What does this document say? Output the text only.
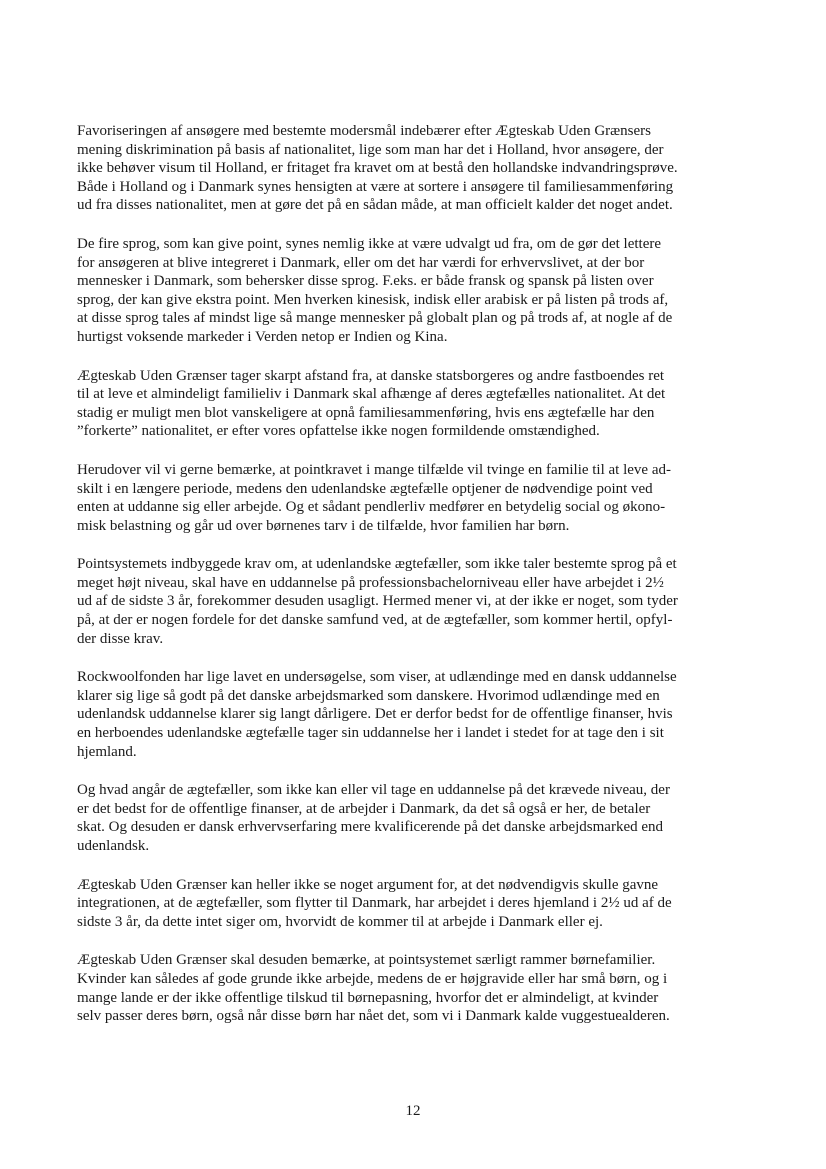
Favoriseringen af ansøgere med bestemte modersmål indebærer efter Ægteskab Uden Grænsers
mening diskrimination på basis af nationalitet, lige som man har det i Holland, hvor ansøgere, der
ikke behøver visum til Holland, er fritaget fra kravet om at bestå den hollandske indvandringsprøve.
Både i Holland og i Danmark synes hensigten at være at sortere i ansøgere til familiesammenføring
ud fra disses nationalitet, men at gøre det på en sådan måde, at man officielt kalder det noget andet.

De fire sprog, som kan give point, synes nemlig ikke at være udvalgt ud fra, om de gør det lettere
for ansøgeren at blive integreret i Danmark, eller om det har værdi for erhvervslivet, at der bor
mennesker i Danmark, som behersker disse sprog. F.eks. er både fransk og spansk på listen over
sprog, der kan give ekstra point. Men hverken kinesisk, indisk eller arabisk er på listen på trods af,
at disse sprog tales af mindst lige så mange mennesker på globalt plan og på trods af, at nogle af de
hurtigst voksende markeder i Verden netop er Indien og Kina.

Ægteskab Uden Grænser tager skarpt afstand fra, at danske statsborgeres og andre fastboendes ret
til at leve et almindeligt familieliv i Danmark skal afhænge af deres ægtefælles nationalitet. At det
stadig er muligt men blot vanskeligere at opnå familiesammenføring, hvis ens ægtefælle har den
”forkerte” nationalitet, er efter vores opfattelse ikke nogen formildende omstændighed.

Herudover vil vi gerne bemærke, at pointkravet i mange tilfælde vil tvinge en familie til at leve ad-
skilt i en længere periode, medens den udenlandske ægtefælle optjener de nødvendige point ved
enten at uddanne sig eller arbejde. Og et sådant pendlerliv medfører en betydelig social og økono-
misk belastning og går ud over børnenes tarv i de tilfælde, hvor familien har børn.

Pointsystemets indbyggede krav om, at udenlandske ægtefæller, som ikke taler bestemte sprog på et
meget højt niveau, skal have en uddannelse på professionsbachelorniveau eller have arbejdet i 2½
ud af de sidste 3 år, forekommer desuden usagligt. Hermed mener vi, at der ikke er noget, som tyder
på, at der er nogen fordele for det danske samfund ved, at de ægtefæller, som kommer hertil, opfyl-
der disse krav.

Rockwoolfonden har lige lavet en undersøgelse, som viser, at udlændinge med en dansk uddannelse
klarer sig lige så godt på det danske arbejdsmarked som danskere. Hvorimod udlændinge med en
udenlandsk uddannelse klarer sig langt dårligere. Det er derfor bedst for de offentlige finanser, hvis
en herboendes udenlandske ægtefælle tager sin uddannelse her i landet i stedet for at tage den i sit
hjemland.

Og hvad angår de ægtefæller, som ikke kan eller vil tage en uddannelse på det krævede niveau, der
er det bedst for de offentlige finanser, at de arbejder i Danmark, da det så også er her, de betaler
skat. Og desuden er dansk erhvervserfaring mere kvalificerende på det danske arbejdsmarked end
udenlandsk.

Ægteskab Uden Grænser kan heller ikke se noget argument for, at det nødvendigvis skulle gavne
integrationen, at de ægtefæller, som flytter til Danmark, har arbejdet i deres hjemland i 2½ ud af de
sidste 3 år, da dette intet siger om, hvorvidt de kommer til at arbejde i Danmark eller ej.

Ægteskab Uden Grænser skal desuden bemærke, at pointsystemet særligt rammer børnefamilier.
Kvinder kan således af gode grunde ikke arbejde, medens de er højgravide eller har små børn, og i
mange lande er der ikke offentlige tilskud til børnepasning, hvorfor det er almindeligt, at kvinder
selv passer deres børn, også når disse børn har nået det, som vi i Danmark kalde vuggestuealderen.

12
